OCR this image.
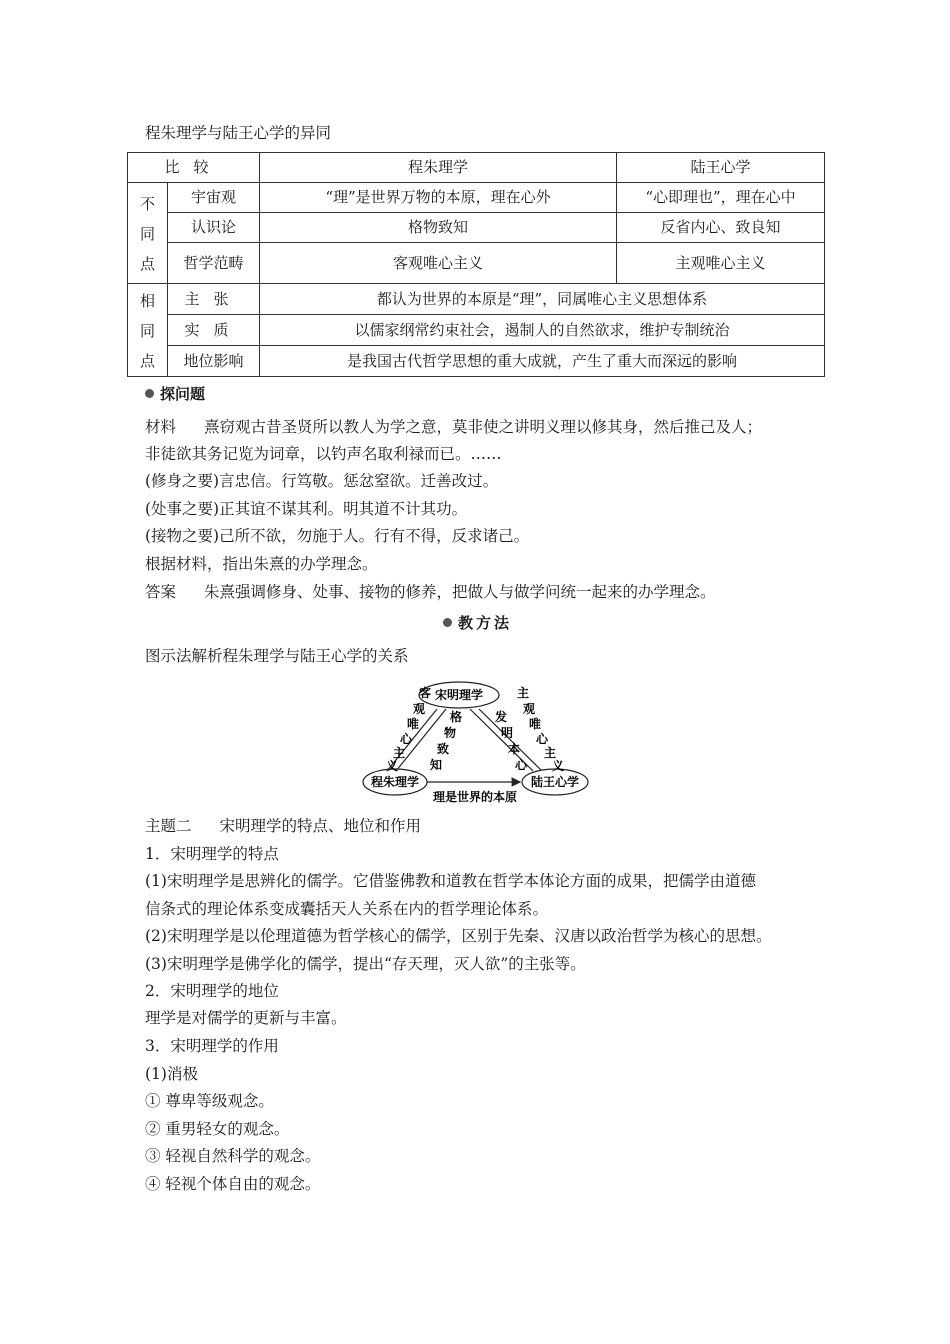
程朱理学与陆王心学的异同
比较		程朱理学	陆王心学

不
同
点	宇宙观	“理”是世界万物的本原，理在心外	“心即理也”，理在心中
	认识论	格物致知	反省内心、致良知
	哲学范畴	客观唯心主义	主观唯心主义

相
同
点	主张	都认为世界的本原是“理”，同属唯心主义思想体系	
	实质	以儒家纲常约束社会，遏制人的自然欲求，维护专制统治	
	地位影响	是我国古代哲学思想的重大成就，产生了重大而深远的影响	
探问题
材料 熹窃观古昔圣贤所以教人为学之意，莫非使之讲明义理以修其身，然后推己及人；
非徒欲其务记览为词章，以钓声名取利禄而已。……
(修身之要)言忠信。行笃敬。惩忿窒欲。迁善改过。
(处事之要)正其谊不谋其利。明其道不计其功。
(接物之要)己所不欲，勿施于人。行有不得，反求诸己。
根据材料，指出朱熹的办学理念。
答案 朱熹强调修身、处事、接物的修养，把做人与做学问统一起来的办学理念。
教方法
图示法解析程朱理学与陆王心学的关系
宋明理学
程朱理学	陆王心学
客
观
唯
心
主
义
格
物
致
知
发
明
本
心
主
观
唯
心
主
义
理是世界的本原
主题二 宋明理学的特点、地位和作用
1．宋明理学的特点
(1)宋明理学是思辨化的儒学。它借鉴佛教和道教在哲学本体论方面的成果，把儒学由道德
信条式的理论体系变成囊括天人关系在内的哲学理论体系。
(2)宋明理学是以伦理道德为哲学核心的儒学，区别于先秦、汉唐以政治哲学为核心的思想。
(3)宋明理学是佛学化的儒学，提出“存天理，灭人欲”的主张等。
2．宋明理学的地位
理学是对儒学的更新与丰富。
3．宋明理学的作用
(1)消极
① 尊卑等级观念。
② 重男轻女的观念。
③ 轻视自然科学的观念。
④ 轻视个体自由的观念。
